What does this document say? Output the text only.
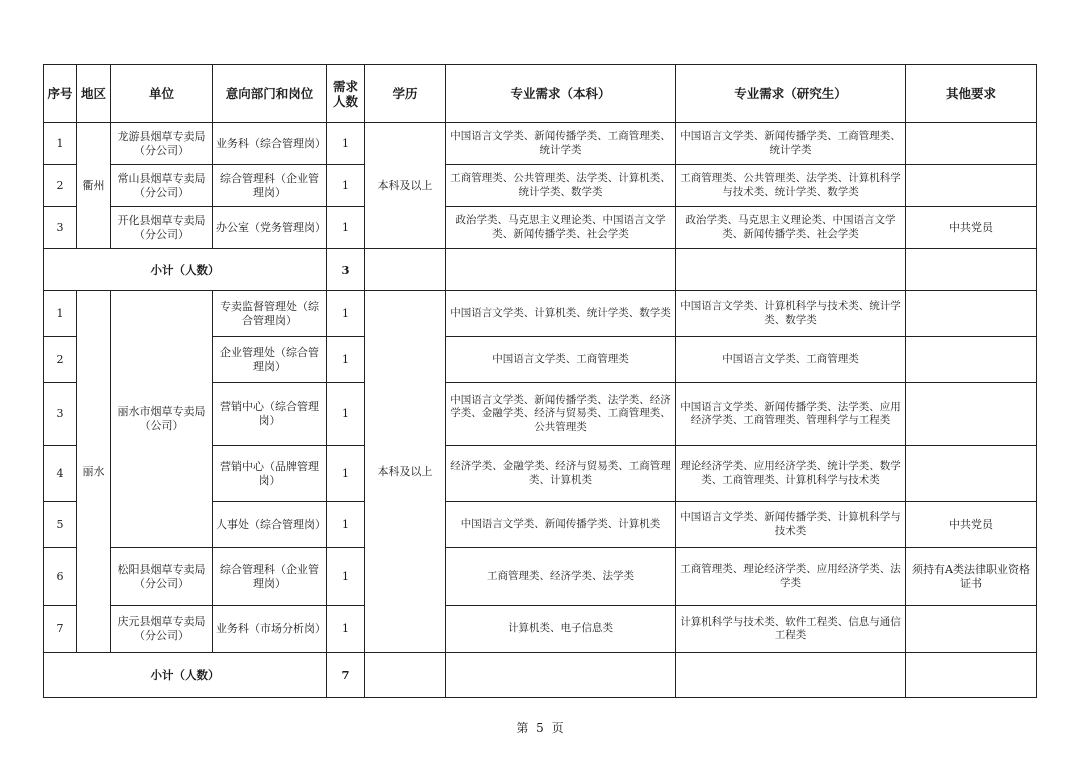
序号	地区	单位	意向部门和岗位	需求人数	学历	专业需求（本科）	专业需求（研究生）	其他要求
1	衢州	龙游县烟草专卖局（分公司）	业务科（综合管理岗）	1	本科及以上	中国语言文学类、新闻传播学类、工商管理类、统计学类	中国语言文学类、新闻传播学类、工商管理类、统计学类	
2		常山县烟草专卖局（分公司）	综合管理科（企业管理岗）	1		工商管理类、公共管理类、法学类、计算机类、统计学类、数学类	工商管理类、公共管理类、法学类、计算机科学与技术类、统计学类、数学类	
3		开化县烟草专卖局（分公司）	办公室（党务管理岗）	1		政治学类、马克思主义理论类、中国语言文学类、新闻传播学类、社会学类	政治学类、马克思主义理论类、中国语言文学类、新闻传播学类、社会学类	中共党员
小计（人数）				3				
1	丽水	丽水市烟草专卖局（公司）	专卖监督管理处（综合管理岗）	1	本科及以上	中国语言文学类、计算机类、统计学类、数学类	中国语言文学类、计算机科学与技术类、统计学类、数学类	
2			企业管理处（综合管理岗）	1		中国语言文学类、工商管理类	中国语言文学类、工商管理类	
3			营销中心（综合管理岗）	1		中国语言文学类、新闻传播学类、法学类、经济学类、金融学类、经济与贸易类、工商管理类、公共管理类	中国语言文学类、新闻传播学类、法学类、应用经济学类、工商管理类、管理科学与工程类	
4			营销中心（品牌管理岗）	1		经济学类、金融学类、经济与贸易类、工商管理类、计算机类	理论经济学类、应用经济学类、统计学类、数学类、工商管理类、计算机科学与技术类	
5			人事处（综合管理岗）	1		中国语言文学类、新闻传播学类、计算机类	中国语言文学类、新闻传播学类、计算机科学与技术类	中共党员
6		松阳县烟草专卖局（分公司）	综合管理科（企业管理岗）	1		工商管理类、经济学类、法学类	工商管理类、理论经济学类、应用经济学类、法学类	须持有A类法律职业资格证书
7		庆元县烟草专卖局（分公司）	业务科（市场分析岗）	1		计算机类、电子信息类	计算机科学与技术类、软件工程类、信息与通信工程类	
小计（人数）				7				
第 5 页
